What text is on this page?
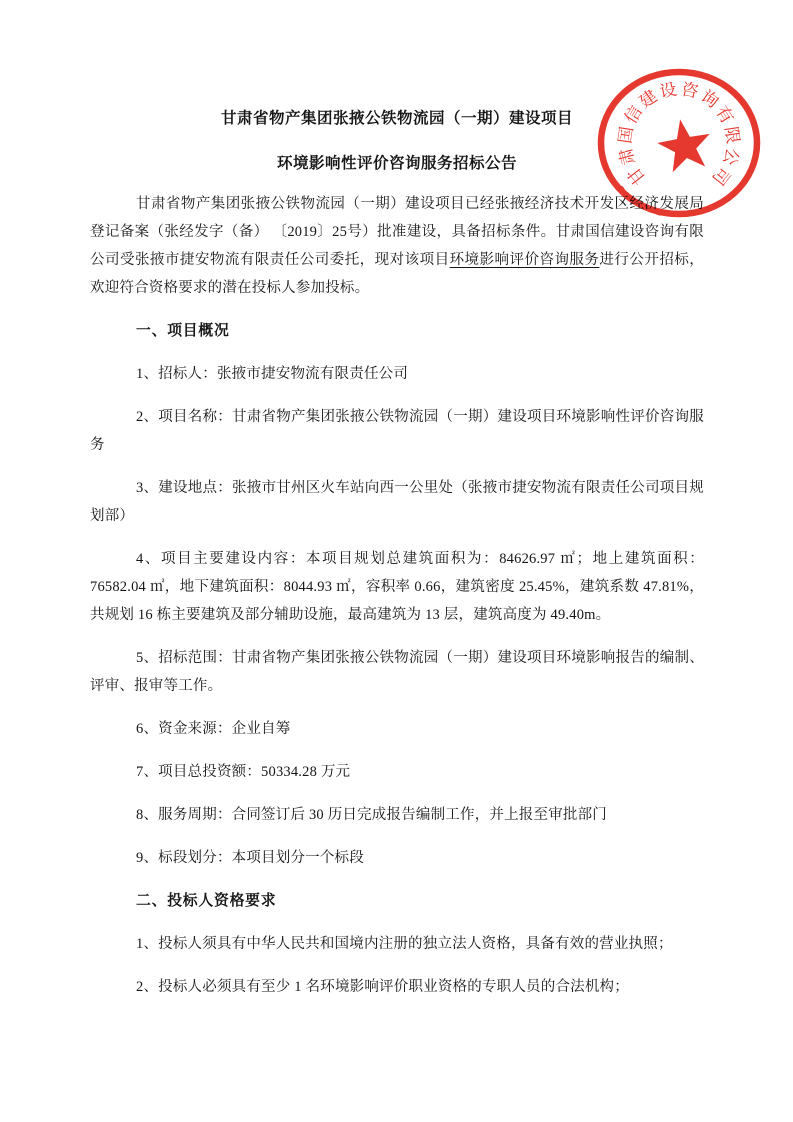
甘肃省物产集团张掖公铁物流园（一期）建设项目
环境影响性评价咨询服务招标公告

甘肃省物产集团张掖公铁物流园（一期）建设项目已经张掖经济技术开发区经济发展局登记备案（张经发字（备） 〔2019〕25号）批准建设，具备招标条件。甘肃国信建设咨询有限公司受张掖市捷安物流有限责任公司委托，现对该项目环境影响评价咨询服务进行公开招标，欢迎符合资格要求的潜在投标人参加投标。

一、项目概况

1、招标人：张掖市捷安物流有限责任公司

2、项目名称：甘肃省物产集团张掖公铁物流园（一期）建设项目环境影响性评价咨询服务

3、建设地点：张掖市甘州区火车站向西一公里处（张掖市捷安物流有限责任公司项目规划部）

4、项目主要建设内容：本项目规划总建筑面积为：84626.97 ㎡；地上建筑面积：76582.04 ㎡，地下建筑面积：8044.93 ㎡，容积率 0.66，建筑密度 25.45%，建筑系数 47.81%，共规划 16 栋主要建筑及部分辅助设施，最高建筑为 13 层，建筑高度为 49.40m。

5、招标范围：甘肃省物产集团张掖公铁物流园（一期）建设项目环境影响报告的编制、评审、报审等工作。

6、资金来源：企业自筹

7、项目总投资额：50334.28 万元

8、服务周期：合同签订后 30 历日完成报告编制工作，并上报至审批部门

9、标段划分：本项目划分一个标段

二、投标人资格要求

1、投标人须具有中华人民共和国境内注册的独立法人资格，具备有效的营业执照；

2、投标人必须具有至少 1 名环境影响评价职业资格的专职人员的合法机构；

甘
肃
国
信
建
设 咨
询
有
限
公
司
